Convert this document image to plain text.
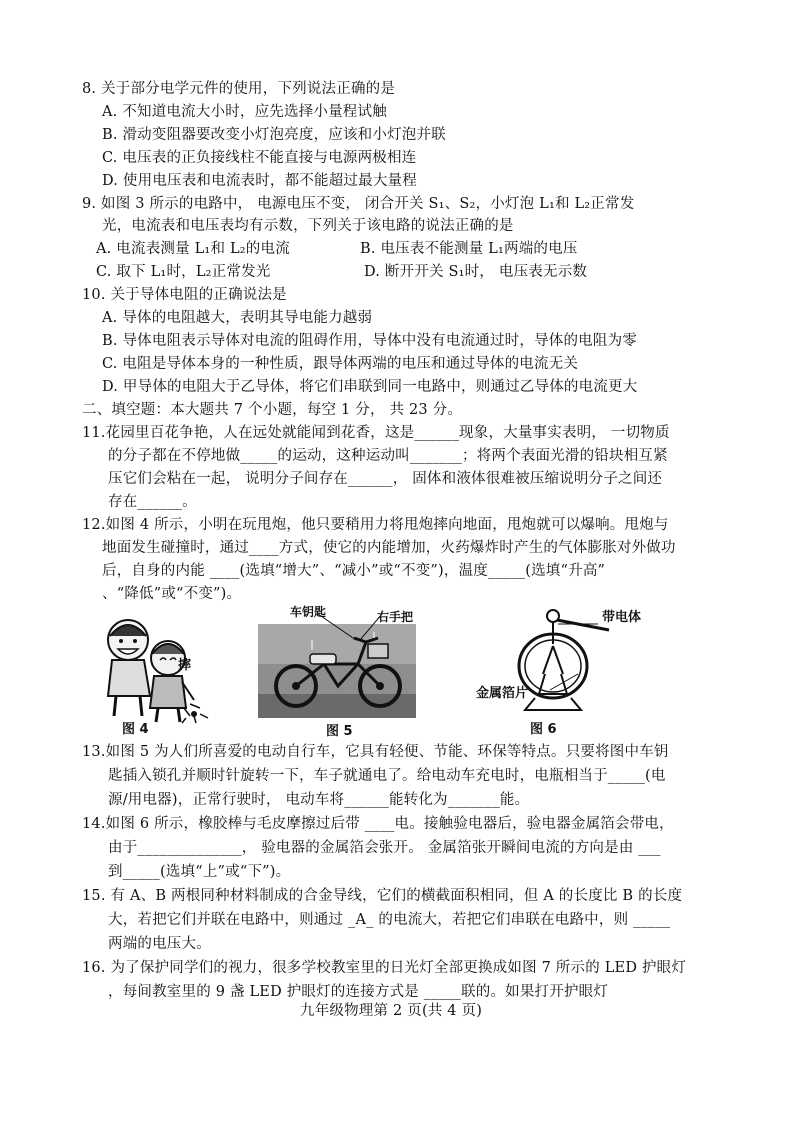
8. 关于部分电学元件的使用，下列说法正确的是
A. 不知道电流大小时，应先选择小量程试触
B. 滑动变阻器要改变小灯泡亮度，应该和小灯泡并联
C. 电压表的正负接线柱不能直接与电源两极相连
D. 使用电压表和电流表时，都不能超过最大量程
9. 如图 3 所示的电路中， 电源电压不变， 闭合开关 S₁、S₂，小灯泡 L₁和 L₂正常发
光，电流表和电压表均有示数，下列关于该电路的说法正确的是
A. 电流表测量 L₁和 L₂的电流	B. 电压表不能测量 L₁两端的电压
C. 取下 L₁时，L₂正常发光	D. 断开开关 S₁时， 电压表无示数
10. 关于导体电阻的正确说法是
A. 导体的电阻越大，表明其导电能力越弱
B. 导体电阻表示导体对电流的阻碍作用，导体中没有电流通过时，导体的电阻为零
C. 电阻是导体本身的一种性质，跟导体两端的电压和通过导体的电流无关
D. 甲导体的电阻大于乙导体，将它们串联到同一电路中，则通过乙导体的电流更大
二、填空题：本大题共 7 个小题，每空 1 分， 共 23 分。
11.花园里百花争艳，人在远处就能闻到花香，这是______现象，大量事实表明， 一切物质
的分子都在不停地做_____的运动，这种运动叫_______；将两个表面光滑的铅块相互紧
压它们会粘在一起， 说明分子间存在______， 固体和液体很难被压缩说明分子之间还
存在______。
12.如图 4 所示，小明在玩甩炮，他只要稍用力将甩炮摔向地面，甩炮就可以爆响。甩炮与
地面发生碰撞时，通过____方式，使它的内能增加，火药爆炸时产生的气体膨胀对外做功
后，自身的内能 ____(选填“增大”、“减小”或“不变”)，温度_____(选填“升高”
、“降低”或“不变”)。
摔
图 4
车钥匙	右手把
图 5
带电体
金属箔片
图 6
13.如图 5 为人们所喜爱的电动自行车，它具有轻便、节能、环保等特点。只要将图中车钥
匙插入锁孔并顺时针旋转一下，车子就通电了。给电动车充电时，电瓶相当于_____(电
源/用电器)，正常行驶时， 电动车将______能转化为_______能。
14.如图 6 所示，橡胶棒与毛皮摩擦过后带 ____电。接触验电器后，验电器金属箔会带电，
由于______________， 验电器的金属箔会张开。 金属箔张开瞬间电流的方向是由 ___
到_____(选填“上”或“下”)。
15. 有 A、B 两根同种材料制成的合金导线，它们的横截面积相同，但 A 的长度比 B 的长度
大，若把它们并联在电路中，则通过 _A_ 的电流大，若把它们串联在电路中，则 _____
两端的电压大。
16. 为了保护同学们的视力，很多学校教室里的日光灯全部更换成如图 7 所示的 LED 护眼灯
，每间教室里的 9 盏 LED 护眼灯的连接方式是 _____联的。如果打开护眼灯
九年级物理第 2 页(共 4 页)
